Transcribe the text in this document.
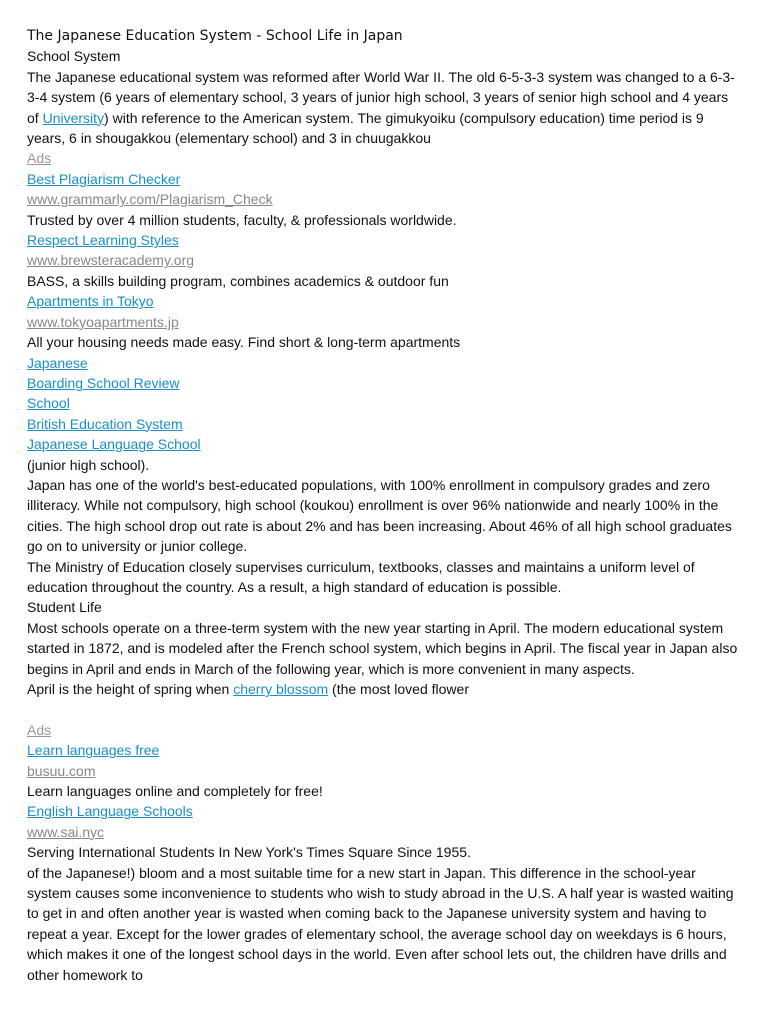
The Japanese Education System - School Life in Japan
School System
The Japanese educational system was reformed after World War II. The old 6-5-3-3 system was changed to a 6-3-3-4 system (6 years of elementary school, 3 years of junior high school, 3 years of senior high school and 4 years of University) with reference to the American system. The gimukyoiku (compulsory education) time period is 9 years, 6 in shougakkou (elementary school) and 3 in chuugakkou
Ads
Best Plagiarism Checker
www.grammarly.com/Plagiarism_Check
Trusted by over 4 million students, faculty, & professionals worldwide.
Respect Learning Styles
www.brewsteracademy.org
BASS, a skills building program, combines academics & outdoor fun
Apartments in Tokyo
www.tokyoapartments.jp
All your housing needs made easy. Find short & long-term apartments
Japanese
Boarding School Review
School
British Education System
Japanese Language School
(junior high school).
Japan has one of the world's best-educated populations, with 100% enrollment in compulsory grades and zero illiteracy. While not compulsory, high school (koukou) enrollment is over 96% nationwide and nearly 100% in the cities. The high school drop out rate is about 2% and has been increasing. About 46% of all high school graduates go on to university or junior college.
The Ministry of Education closely supervises curriculum, textbooks, classes and maintains a uniform level of education throughout the country. As a result, a high standard of education is possible.
Student Life
Most schools operate on a three-term system with the new year starting in April. The modern educational system started in 1872, and is modeled after the French school system, which begins in April. The fiscal year in Japan also begins in April and ends in March of the following year, which is more convenient in many aspects.
April is the height of spring when cherry blossom (the most loved flower
Ads
Learn languages free
busuu.com
Learn languages online and completely for free!
English Language Schools
www.sai.nyc
Serving International Students In New York's Times Square Since 1955.
of the Japanese!) bloom and a most suitable time for a new start in Japan. This difference in the school-year system causes some inconvenience to students who wish to study abroad in the U.S. A half year is wasted waiting to get in and often another year is wasted when coming back to the Japanese university system and having to repeat a year. Except for the lower grades of elementary school, the average school day on weekdays is 6 hours, which makes it one of the longest school days in the world. Even after school lets out, the children have drills and other homework to
